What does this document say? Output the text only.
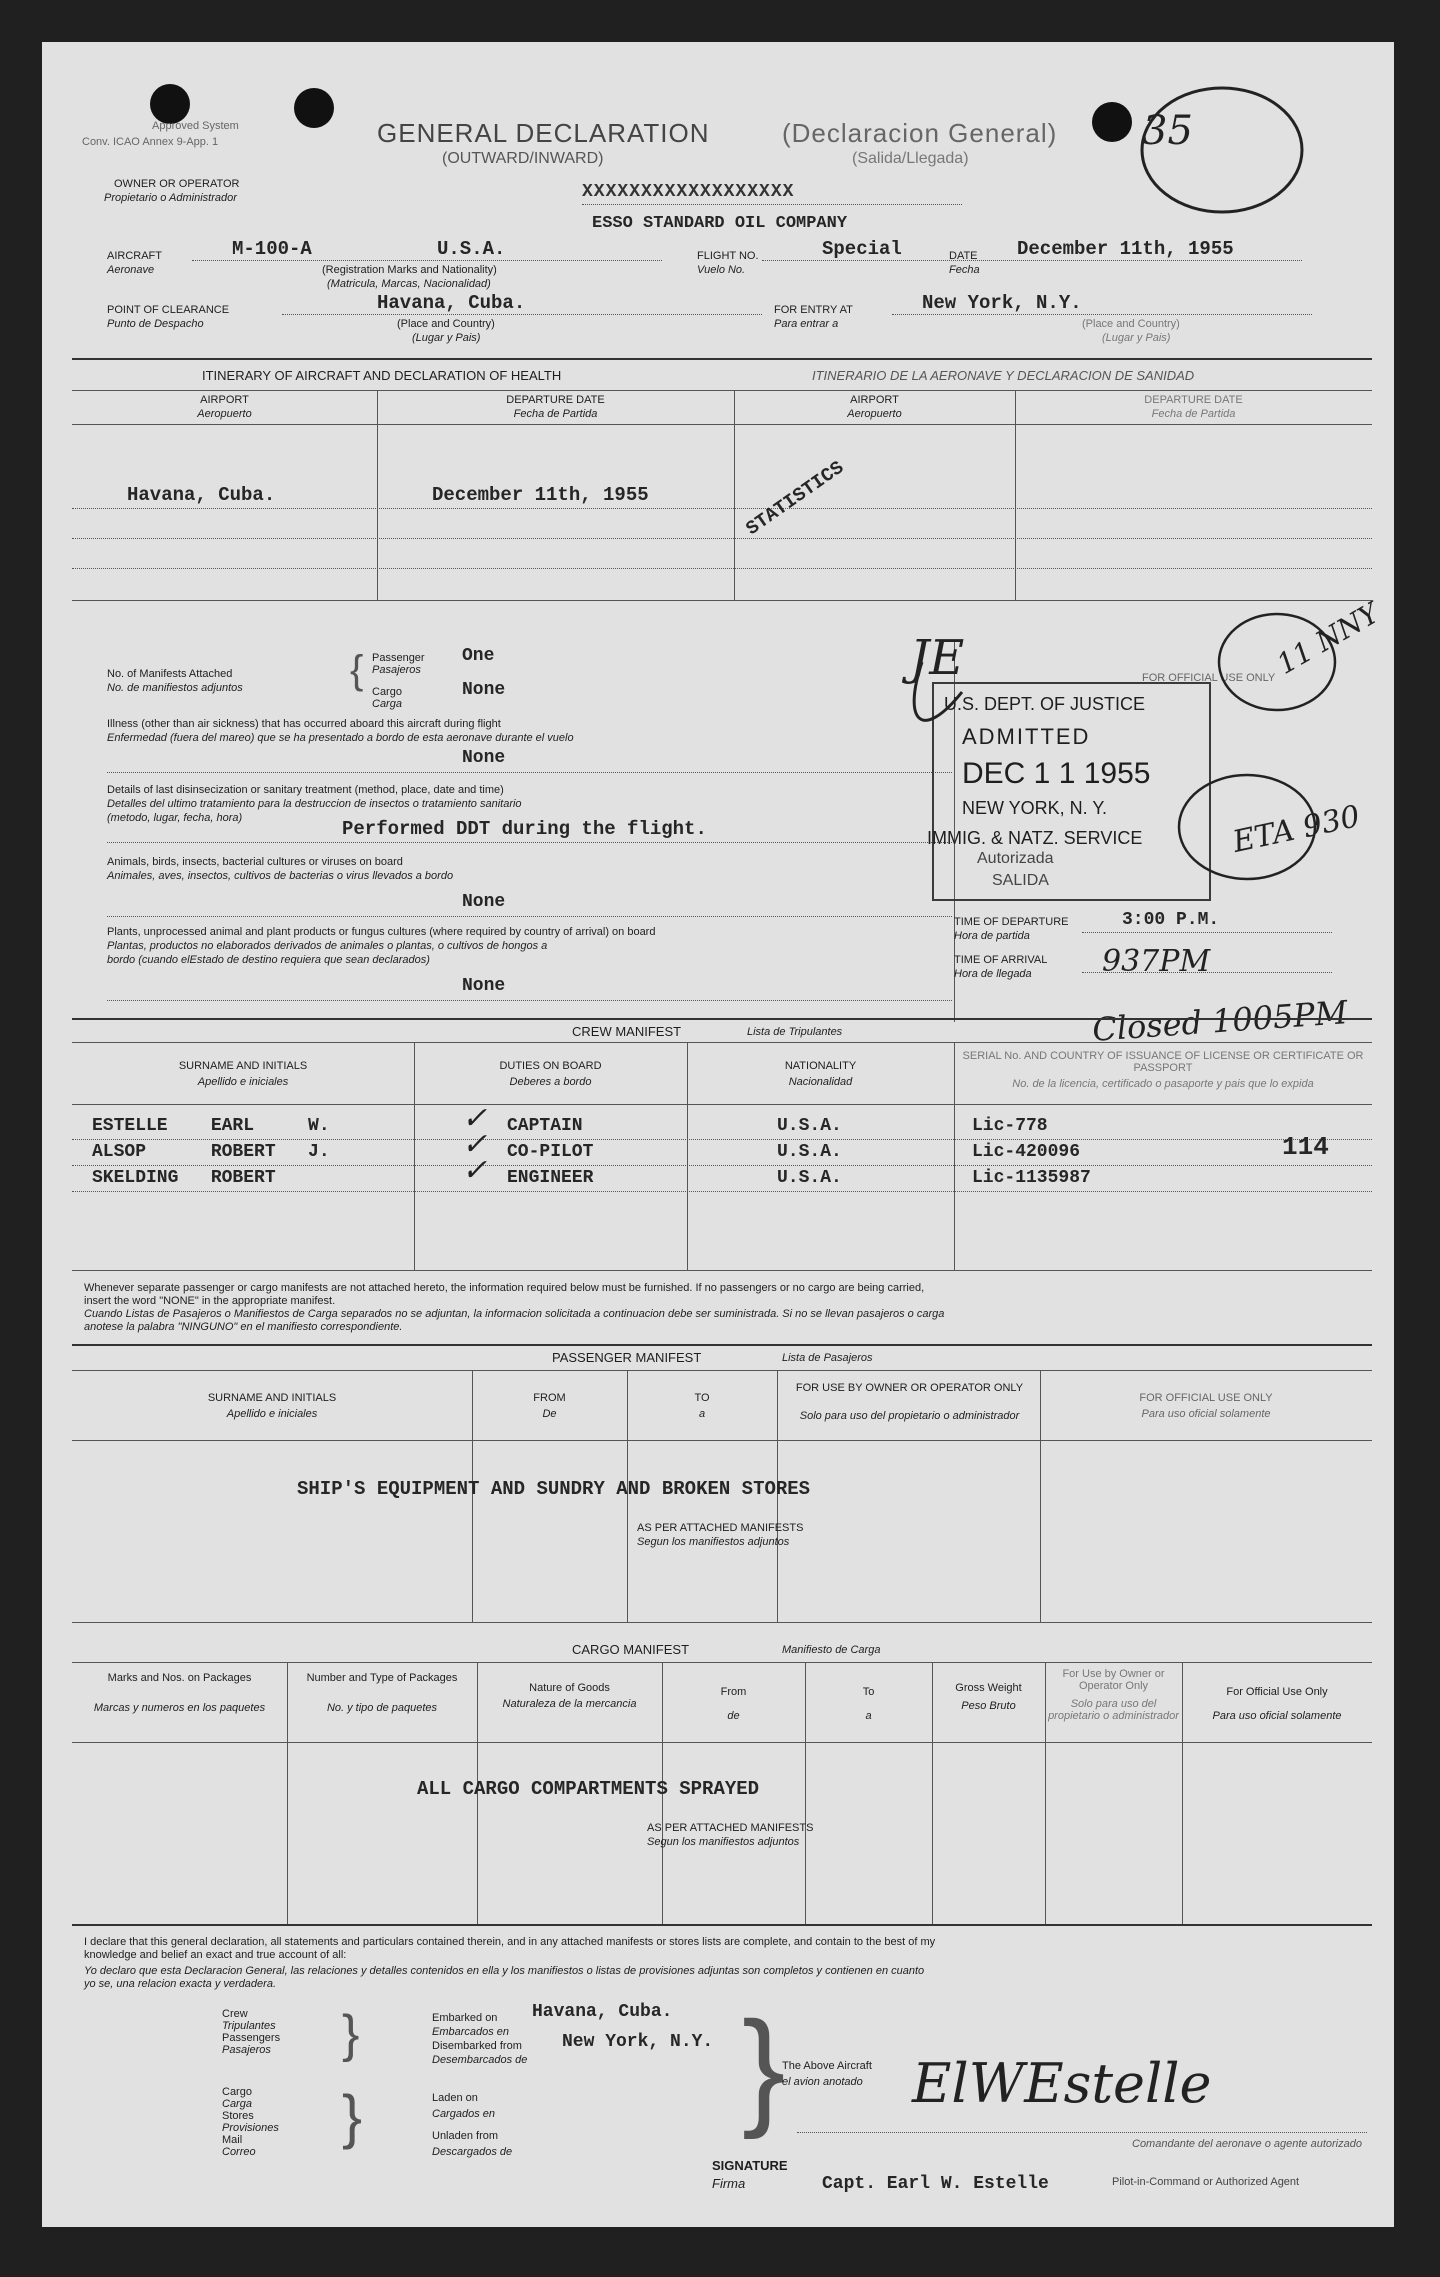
Approved System
Conv. ICAO Annex 9-App. 1	GENERAL DECLARATION
(OUTWARD/INWARD)
(Declaracion General)
(Salida/Llegada)
OWNER OR OPERATOR
Propietario o Administrador	XXXXXXXXXXXXXXXXXX
ESSO STANDARD OIL COMPANY
AIRCRAFT
Aeronave
M-100-A	U.S.A.
(Registration Marks and Nationality)
(Matricula, Marcas, Nacionalidad)
FLIGHT NO.
Vuelo No.
Special	DATE
Fecha
December 11th, 1955
POINT OF CLEARANCE
Punto de Despacho
Havana, Cuba.
(Place and Country)
(Lugar y Pais)
FOR ENTRY AT
Para entrar a
New York, N.Y.
(Place and Country)
(Lugar y Pais)
ITINERARY OF AIRCRAFT AND DECLARATION OF HEALTH	ITINERARIO DE LA AERONAVE Y DECLARACION DE SANIDAD
AIRPORT
Aeropuerto
DEPARTURE DATE
Fecha de Partida
AIRPORT
Aeropuerto
DEPARTURE DATE
Fecha de Partida
Havana, Cuba.	December 11th, 1955	STATISTICS
No. of Manifests Attached
No. de manifiestos adjuntos
Passenger
Pasajeros
One
Cargo
Carga
None
{
Illness (other than air sickness) that has occurred aboard this aircraft during flight
Enfermedad (fuera del mareo) que se ha presentado a bordo de esta aeronave durante el vuelo
None
Details of last disinsecization or sanitary treatment (method, place, date and time)
Detalles del ultimo tratamiento para la destruccion de insectos o tratamiento sanitario
(metodo, lugar, fecha, hora)	Performed DDT during the flight.
Animals, birds, insects, bacterial cultures or viruses on board
Animales, aves, insectos, cultivos de bacterias o virus llevados a bordo
None
Plants, unprocessed animal and plant products or fungus cultures (where required by country of arrival) on board
Plantas, productos no elaborados derivados de animales o plantas, o cultivos de hongos a
bordo (cuando elEstado de destino requiera que sean declarados)
None
FOR OFFICIAL USE ONLY
U.S. DEPT. OF JUSTICE
ADMITTED
DEC 1 1 1955
NEW YORK, N. Y.
IMMIG. & NATZ. SERVICE
Autorizada
SALIDA
TIME OF DEPARTURE
Hora de partida
3:00 P.M.
TIME OF ARRIVAL
Hora de llegada 937PM
Closed 1005PM
ETA 930
35
11 NNY
JE
CREW MANIFEST	Lista de Tripulantes
SURNAME AND INITIALS
Apellido e iniciales
DUTIES ON BOARD
Deberes a bordo
NATIONALITY
Nacionalidad
SERIAL No. AND COUNTRY OF ISSUANCE OF LICENSE OR CERTIFICATE OR PASSPORT
No. de la licencia, certificado o pasaporte y pais que lo expida
ESTELLE    EARL     W.	CAPTAIN	U.S.A.	Lic-778
ALSOP      ROBERT   J.	CO-PILOT	U.S.A.	Lic-420096
SKELDING   ROBERT	ENGINEER	U.S.A.	Lic-1135987
114
✓
✓
✓
Whenever separate passenger or cargo manifests are not attached hereto, the information required below must be furnished. If no passengers or no cargo are being carried,
insert the word "NONE" in the appropriate manifest.
Cuando Listas de Pasajeros o Manifiestos de Carga separados no se adjuntan, la informacion solicitada a continuacion debe ser suministrada. Si no se llevan pasajeros o carga
anotese la palabra "NINGUNO" en el manifiesto correspondiente.
PASSENGER MANIFEST	Lista de Pasajeros
SURNAME AND INITIALS
Apellido e iniciales
FROM
De
TO
a
FOR USE BY OWNER OR OPERATOR ONLY
Solo para uso del propietario o administrador
FOR OFFICIAL USE ONLY
Para uso oficial solamente
SHIP'S EQUIPMENT AND SUNDRY AND BROKEN STORES
AS PER ATTACHED MANIFESTS
Segun los manifiestos adjuntos
CARGO MANIFEST	Manifiesto de Carga
Marks and Nos. on Packages
Marcas y numeros en los paquetes
Number and Type of Packages
No. y tipo de paquetes
Nature of Goods
Naturaleza de la mercancia
From
de
To
a
Gross Weight
Peso Bruto
For Use by Owner or Operator Only
Solo para uso del propietario o administrador
For Official Use Only
Para uso oficial solamente
ALL CARGO COMPARTMENTS SPRAYED
AS PER ATTACHED MANIFESTS
Segun los manifiestos adjuntos
I declare that this general declaration, all statements and particulars contained therein, and in any attached manifests or stores lists are complete, and contain to the best of my
knowledge and belief an exact and true account of all:
Yo declaro que esta Declaracion General, las relaciones y detalles contenidos en ella y los manifiestos o listas de provisiones adjuntas son completos y contienen en cuanto
yo se, una relacion exacta y verdadera.
Crew
Tripulantes
Passengers
Pasajeros }	Embarked on Havana, Cuba.
Embarcados en
Disembarked from New York, N.Y.
Desembarcados de
Cargo
Carga
Stores
Provisiones
Mail
Correo
}	Laden on
Cargados en
Unladen from
Descargados de
}
The Above Aircraft
el avion anotado ElWEstelle
Comandante del aeronave o agente autorizado
SIGNATURE
Firma	Capt. Earl W. Estelle	Pilot-in-Command or Authorized Agent
